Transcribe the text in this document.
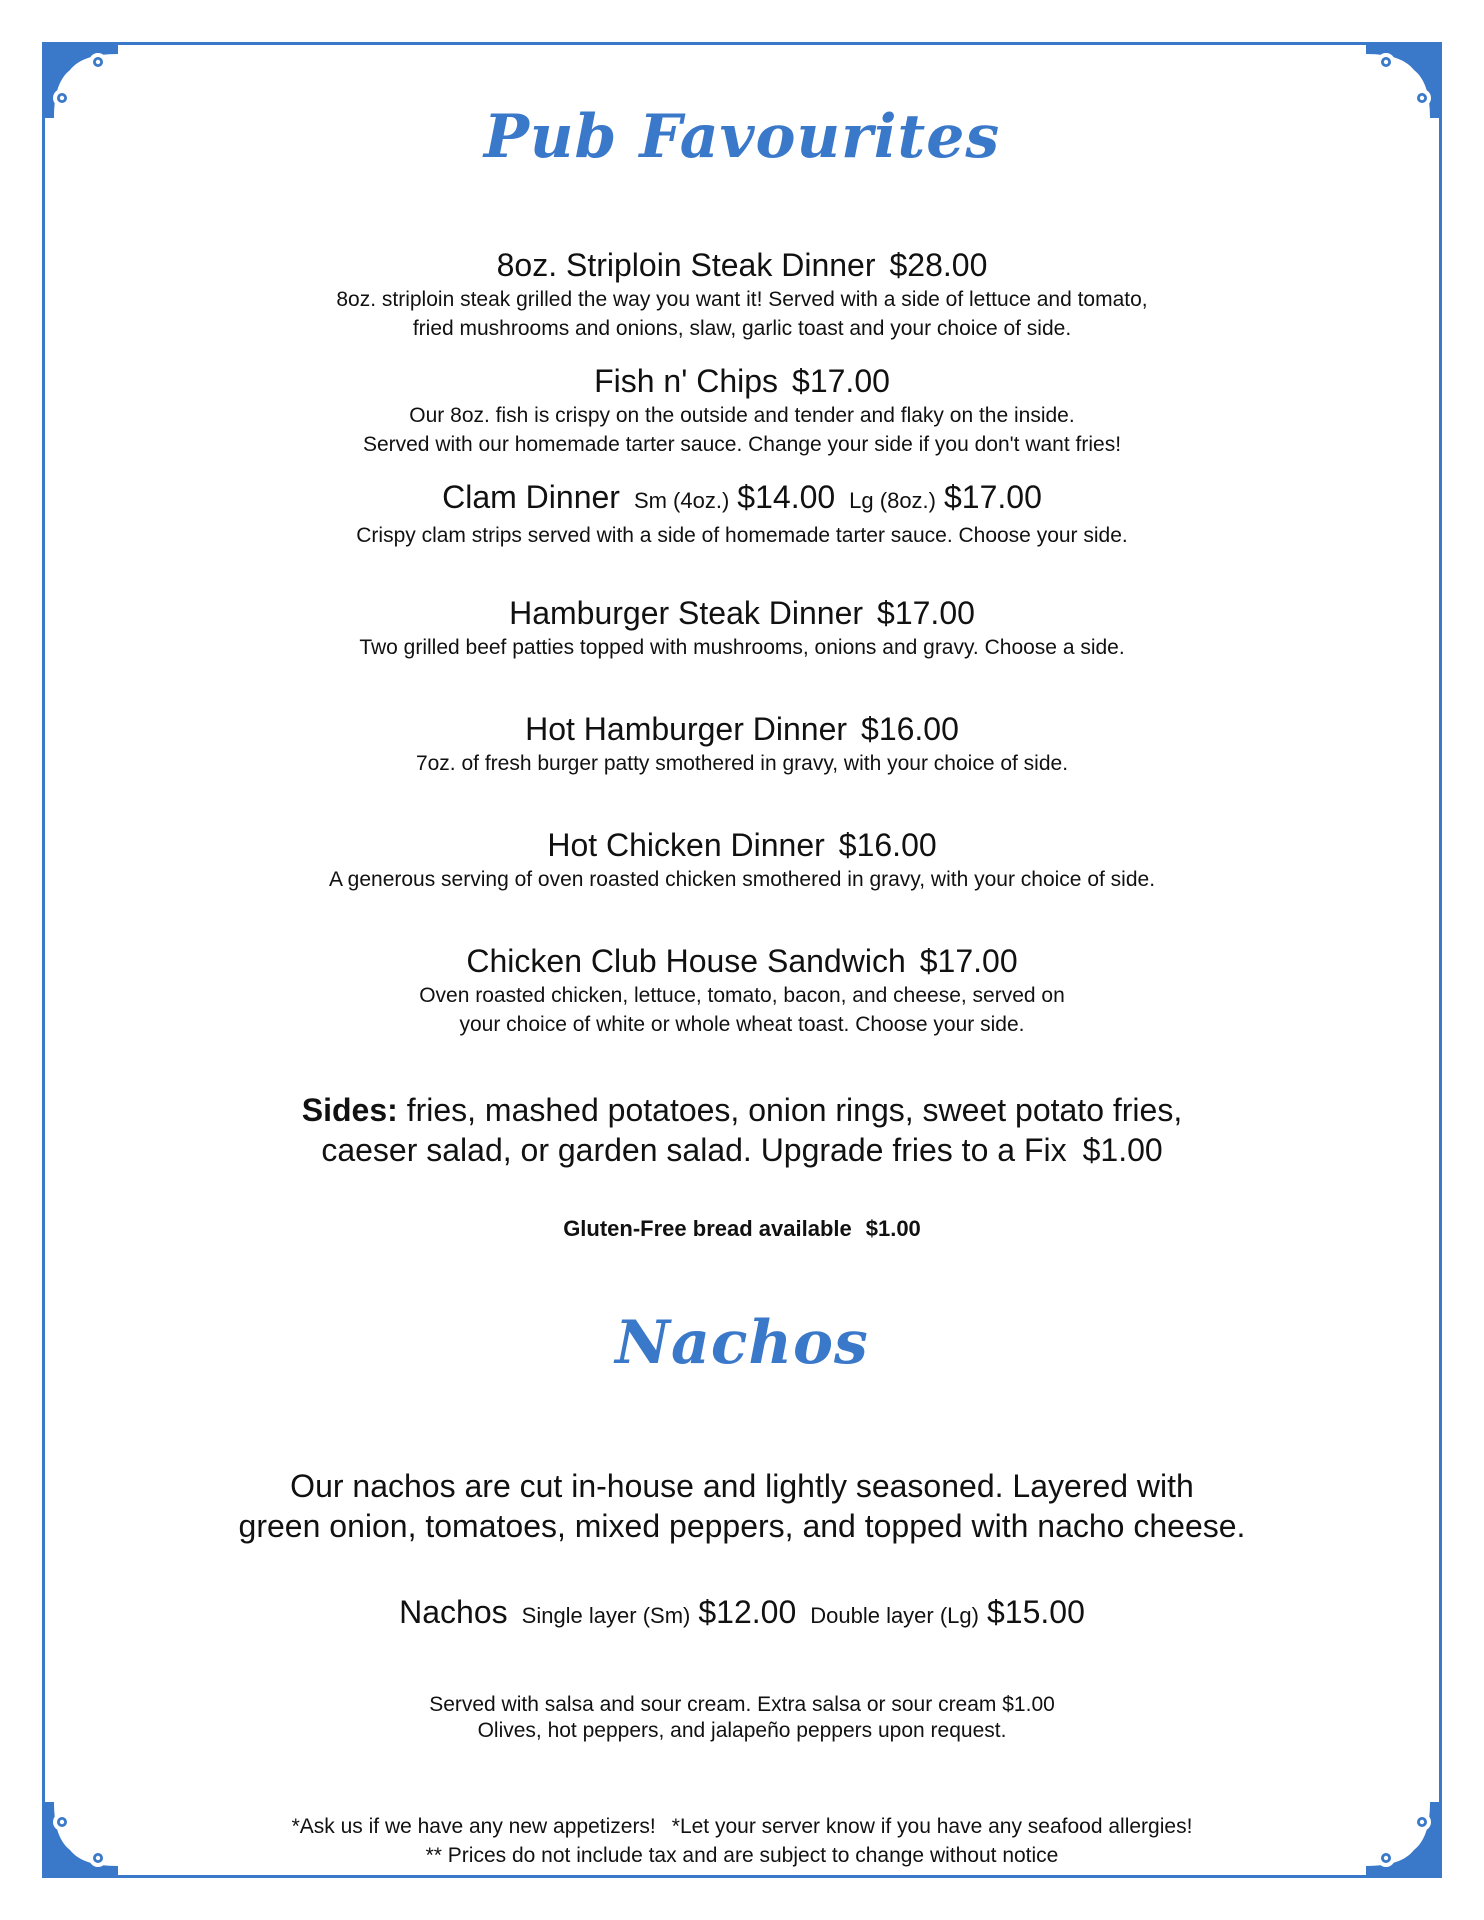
Pub Favourites
8oz. Striploin Steak Dinner $28.00
8oz. striploin steak grilled the way you want it! Served with a side of lettuce and tomato,
fried mushrooms and onions, slaw, garlic toast and your choice of side.
Fish n' Chips $17.00
Our 8oz. fish is crispy on the outside and tender and flaky on the inside.
Served with our homemade tarter sauce. Change your side if you don't want fries!
Clam Dinner Sm (4oz.) $14.00 Lg (8oz.) $17.00
Crispy clam strips served with a side of homemade tarter sauce. Choose your side.
Hamburger Steak Dinner $17.00
Two grilled beef patties topped with mushrooms, onions and gravy. Choose a side.
Hot Hamburger Dinner $16.00
7oz. of fresh burger patty smothered in gravy, with your choice of side.
Hot Chicken Dinner $16.00
A generous serving of oven roasted chicken smothered in gravy, with your choice of side.
Chicken Club House Sandwich $17.00
Oven roasted chicken, lettuce, tomato, bacon, and cheese, served on
your choice of white or whole wheat toast. Choose your side.
Sides: fries, mashed potatoes, onion rings, sweet potato fries,
caeser salad, or garden salad. Upgrade fries to a Fix $1.00
Gluten-Free bread available $1.00
Nachos
Our nachos are cut in-house and lightly seasoned. Layered with
green onion, tomatoes, mixed peppers, and topped with nacho cheese.
Nachos Single layer (Sm) $12.00 Double layer (Lg) $15.00
Served with salsa and sour cream. Extra salsa or sour cream $1.00
Olives, hot peppers, and jalapeño peppers upon request.
*Ask us if we have any new appetizers! *Let your server know if you have any seafood allergies!
** Prices do not include tax and are subject to change without notice
